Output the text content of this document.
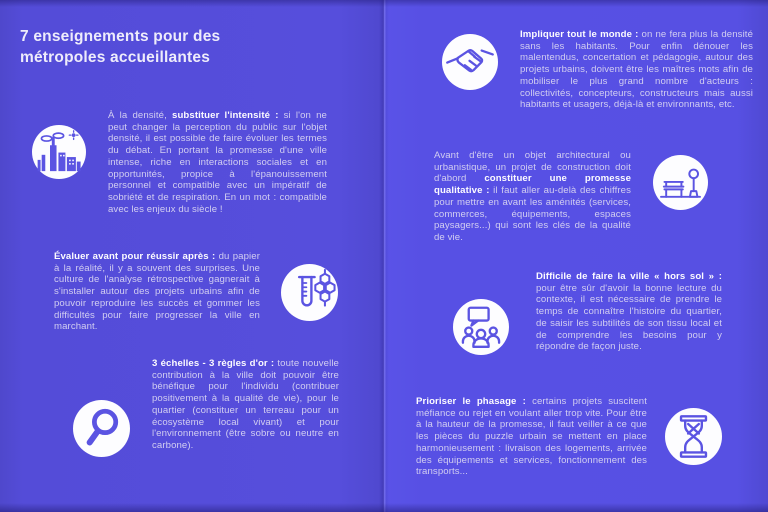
7 enseignements pour des métropoles accueillantes

À la densité, substituer l'intensité : si l'on ne peut changer la perception du public sur l'objet densité, il est possible de faire évoluer les termes du débat. En portant la promesse d'une ville intense, riche en interactions sociales et en opportunités, propice à l'épanouissement personnel et compatible avec un impératif de sobriété et de respiration. En un mot : compatible avec les enjeux du siècle !

Évaluer avant pour réussir après : du papier à la réalité, il y a souvent des surprises. Une culture de l'analyse rétrospective gagnerait à s'installer autour des projets urbains afin de pouvoir reproduire les succès et gommer les difficultés pour faire progresser la ville en marchant.

3 échelles - 3 règles d'or : toute nouvelle contribution à la ville doit pouvoir être bénéfique pour l'individu (contribuer positivement à la qualité de vie), pour le quartier (constituer un terreau pour un écosystème local vivant) et pour l'environnement (être sobre ou neutre en carbone).

Impliquer tout le monde : on ne fera plus la densité sans les habitants. Pour enfin dénouer les malentendus, concertation et pédagogie, autour des projets urbains, doivent être les maîtres mots afin de mobiliser le plus grand nombre d'acteurs : collectivités, concepteurs, constructeurs mais aussi habitants et usagers, déjà-là et environnants, etc.

Avant d'être un objet architectural ou urbanistique, un projet de construction doit d'abord constituer une promesse qualitative : il faut aller au-delà des chiffres pour mettre en avant les aménités (services, commerces, équipements, espaces paysagers...) qui sont les clés de la qualité de vie.

Difficile de faire la ville « hors sol » : pour être sûr d'avoir la bonne lecture du contexte, il est nécessaire de prendre le temps de connaître l'histoire du quartier, de saisir les subtilités de son tissu local et de comprendre les besoins pour y répondre de façon juste.

Prioriser le phasage : certains projets suscitent méfiance ou rejet en voulant aller trop vite. Pour être à la hauteur de la promesse, il faut veiller à ce que les pièces du puzzle urbain se mettent en place harmonieusement : livraison des logements, arrivée des équipements et services, fonctionnement des transports...
